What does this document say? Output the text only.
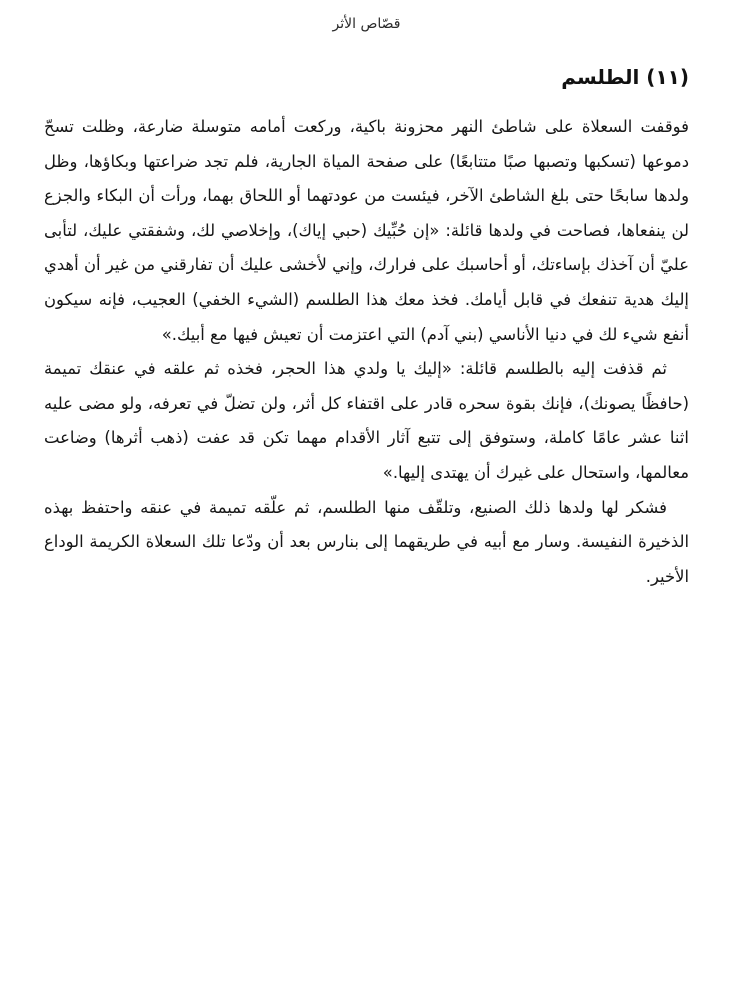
قصّاص الأثر
(١١) الطلسم

فوقفت السعلاة على شاطئ النهر محزونة باكية، وركعت أمامه متوسلة ضارعة، وظلت تسحّ دموعها (تسكبها وتصبها صبًا متتابعًا) على صفحة المياة الجارية، فلم تجد ضراعتها وبكاؤها، وظل ولدها سابحًا حتى بلغ الشاطئ الآخر، فيئست من عودتهما أو اللحاق بهما، ورأت أن البكاء والجزع لن ينفعاها، فصاحت في ولدها قائلة: «إن حُبِّيك (حبي إياك)، وإخلاصي لك، وشفقتي عليك، لتأبى عليّ أن آخذك بإساءتك، أو أحاسبك على فرارك، وإني لأخشى عليك أن تفارقني من غير أن أهدي إليك هدية تنفعك في قابل أيامك. فخذ معك هذا الطلسم (الشيء الخفي) العجيب، فإنه سيكون أنفع شيء لك في دنيا الأناسي (بني آدم) التي اعتزمت أن تعيش فيها مع أبيك.»

ثم قذفت إليه بالطلسم قائلة: «إليك يا ولدي هذا الحجر، فخذه ثم علقه في عنقك تميمة (حافظًا يصونك)، فإنك بقوة سحره قادر على اقتفاء كل أثر، ولن تضلّ في تعرفه، ولو مضى عليه اثنا عشر عامًا كاملة، وستوفق إلى تتبع آثار الأقدام مهما تكن قد عفت (ذهب أثرها) وضاعت معالمها، واستحال على غيرك أن يهتدى إليها.»

فشكر لها ولدها ذلك الصنيع، وتلقّف منها الطلسم، ثم علّقه تميمة في عنقه واحتفظ بهذه الذخيرة النفيسة. وسار مع أبيه في طريقهما إلى بنارس بعد أن ودّعا تلك السعلاة الكريمة الوداع الأخير.
